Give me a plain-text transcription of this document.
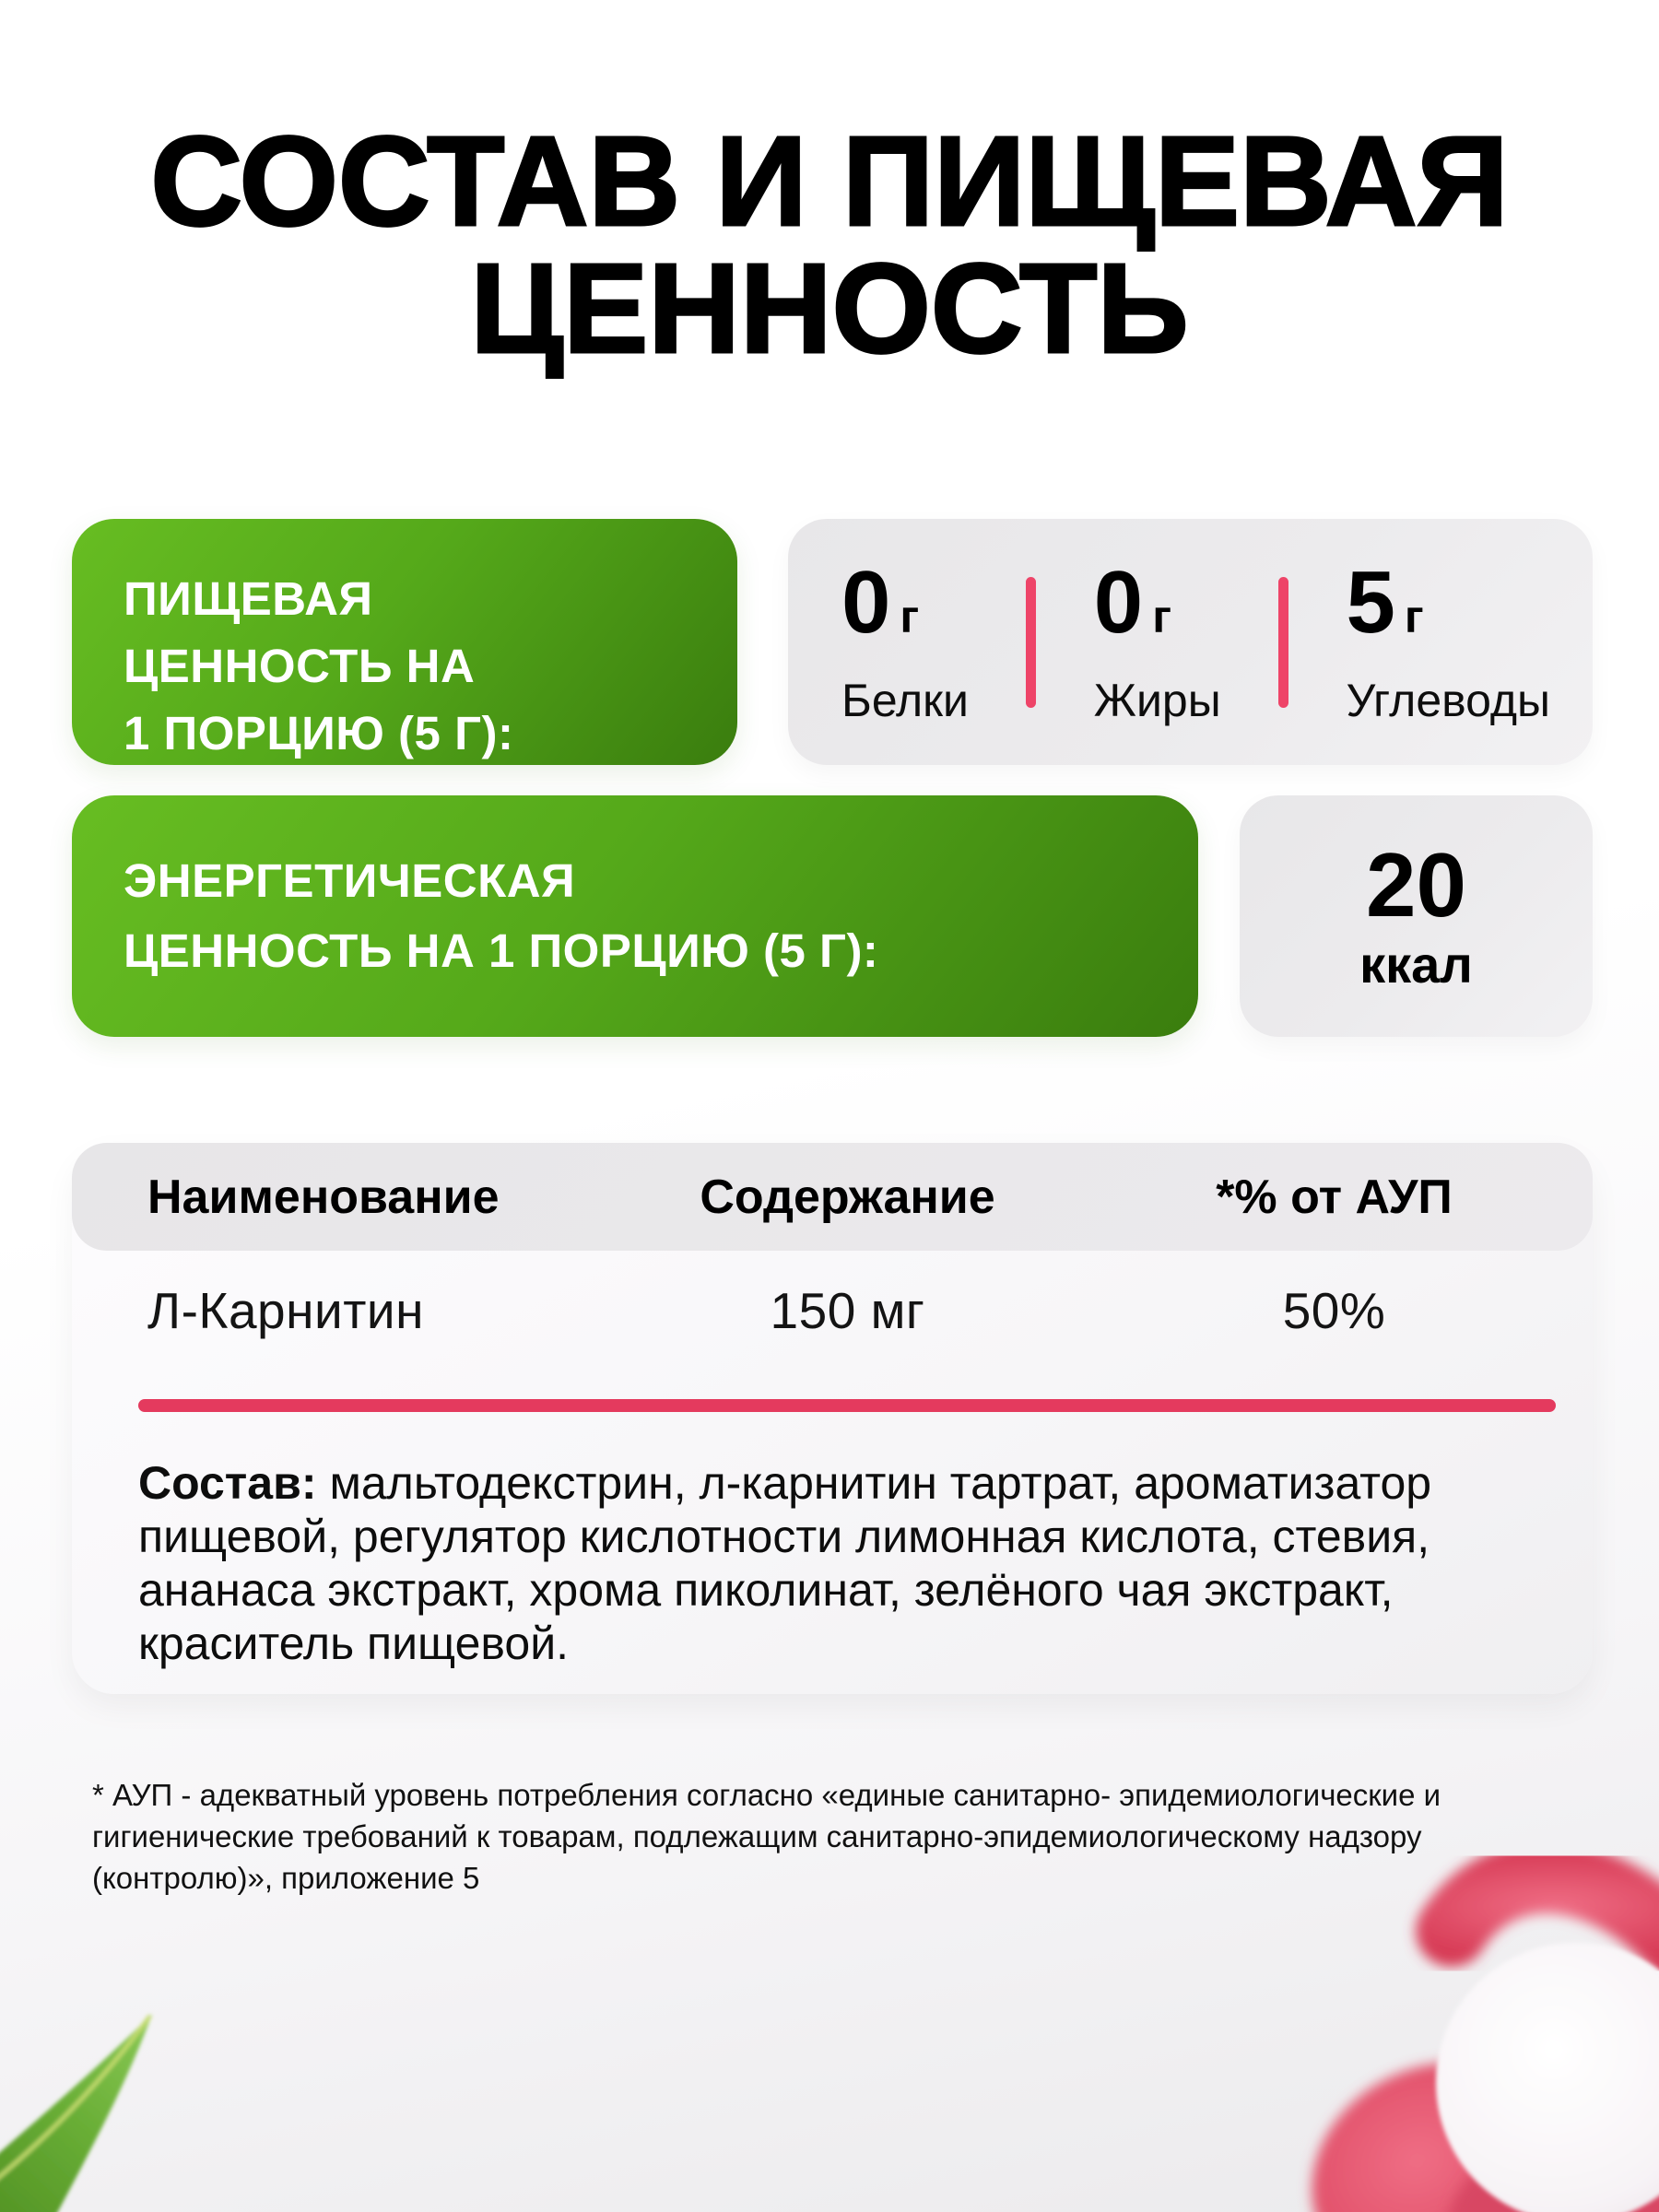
СОСТАВ И ПИЩЕВАЯ
ЦЕННОСТЬ
ПИЩЕВАЯ
ЦЕННОСТЬ НА
1 ПОРЦИЮ (5 Г):
0 г
Белки
0 г
Жиры
5 г
Углеводы
ЭНЕРГЕТИЧЕСКАЯ
ЦЕННОСТЬ НА 1 ПОРЦИЮ (5 Г):
20
ккал
Наименование	Содержание	*% от АУП
Л-Карнитин	150 мг	50%
Состав: мальтодекстрин, л-карнитин тартрат, ароматизатор пищевой, регулятор кислотности лимонная кислота, стевия, ананаса экстракт, хрома пиколинат, зелёного чая экстракт, краситель пищевой.
* АУП - адекватный уровень потребления согласно «единые санитарно- эпидемиологические и гигиенические требований к товарам, подлежащим санитарно-эпидемиологическому надзору (контролю)», приложение 5
